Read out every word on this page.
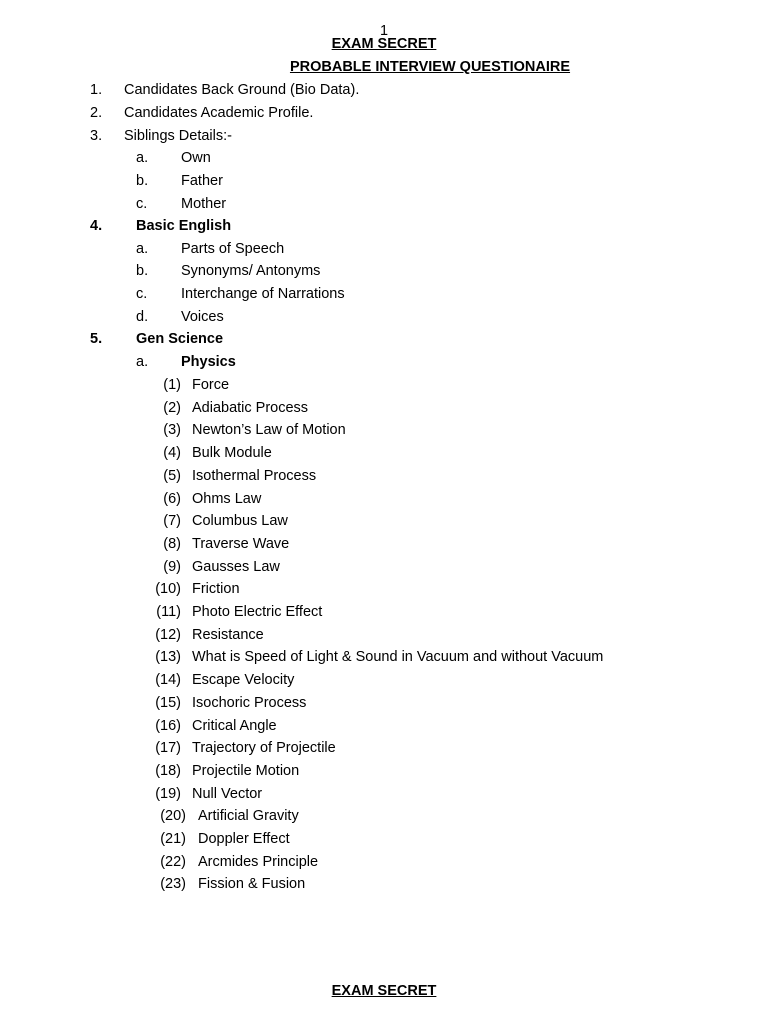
1
EXAM SECRET
PROBABLE INTERVIEW QUESTIONAIRE
1. Candidates Back Ground (Bio Data).
2. Candidates Academic Profile.
3. Siblings Details:-
a. Own
b. Father
c. Mother
4. Basic English
a. Parts of Speech
b. Synonyms/ Antonyms
c. Interchange of Narrations
d. Voices
5. Gen Science
a. Physics
(1) Force
(2) Adiabatic Process
(3) Newton’s Law of Motion
(4) Bulk Module
(5) Isothermal Process
(6) Ohms Law
(7) Columbus Law
(8) Traverse Wave
(9) Gausses Law
(10) Friction
(11) Photo Electric Effect
(12) Resistance
(13) What is Speed of Light & Sound in Vacuum and without Vacuum
(14) Escape Velocity
(15) Isochoric Process
(16) Critical Angle
(17) Trajectory of Projectile
(18) Projectile Motion
(19) Null Vector
(20) Artificial Gravity
(21) Doppler Effect
(22) Arcmides Principle
(23) Fission & Fusion
EXAM SECRET
